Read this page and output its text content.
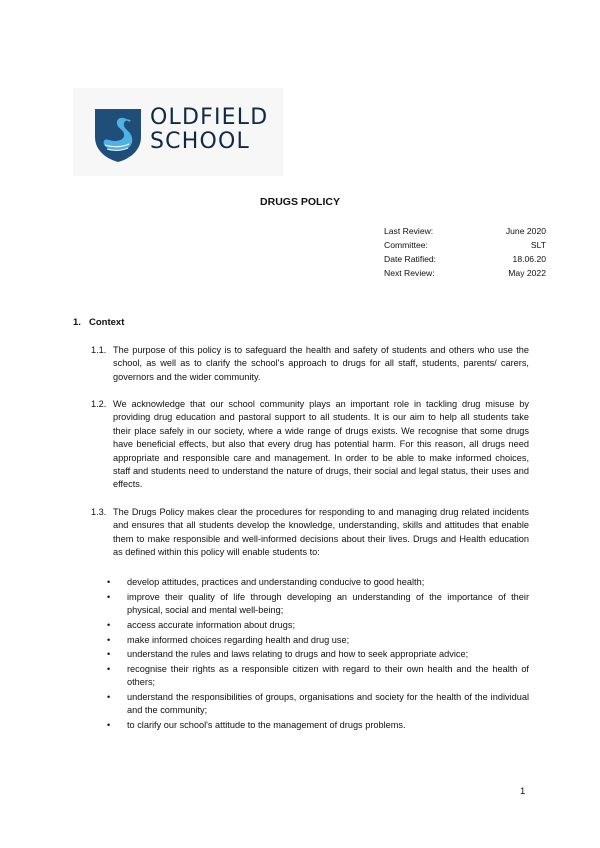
OLDFIELD
SCHOOL
DRUGS POLICY
Last Review:	June 2020
Committee:	SLT
Date Ratified:	18.06.20
Next Review:	May 2022
1. Context
1.1. The purpose of this policy is to safeguard the health and safety of students and others who use the school, as well as to clarify the school's approach to drugs for all staff, students, parents/ carers, governors and the wider community.
1.2. We acknowledge that our school community plays an important role in tackling drug misuse by providing drug education and pastoral support to all students. It is our aim to help all students take their place safely in our society, where a wide range of drugs exists. We recognise that some drugs have beneficial effects, but also that every drug has potential harm. For this reason, all drugs need appropriate and responsible care and management. In order to be able to make informed choices, staff and students need to understand the nature of drugs, their social and legal status, their uses and effects.
1.3. The Drugs Policy makes clear the procedures for responding to and managing drug related incidents and ensures that all students develop the knowledge, understanding, skills and attitudes that enable them to make responsible and well-informed decisions about their lives. Drugs and Health education as defined within this policy will enable students to:
•	develop attitudes, practices and understanding conducive to good health;
•	improve their quality of life through developing an understanding of the importance of their physical, social and mental well-being;
•	access accurate information about drugs;
•	make informed choices regarding health and drug use;
•	understand the rules and laws relating to drugs and how to seek appropriate advice;
•	recognise their rights as a responsible citizen with regard to their own health and the health of others;
•	understand the responsibilities of groups, organisations and society for the health of the individual and the community;
•	to clarify our school's attitude to the management of drugs problems.
1
